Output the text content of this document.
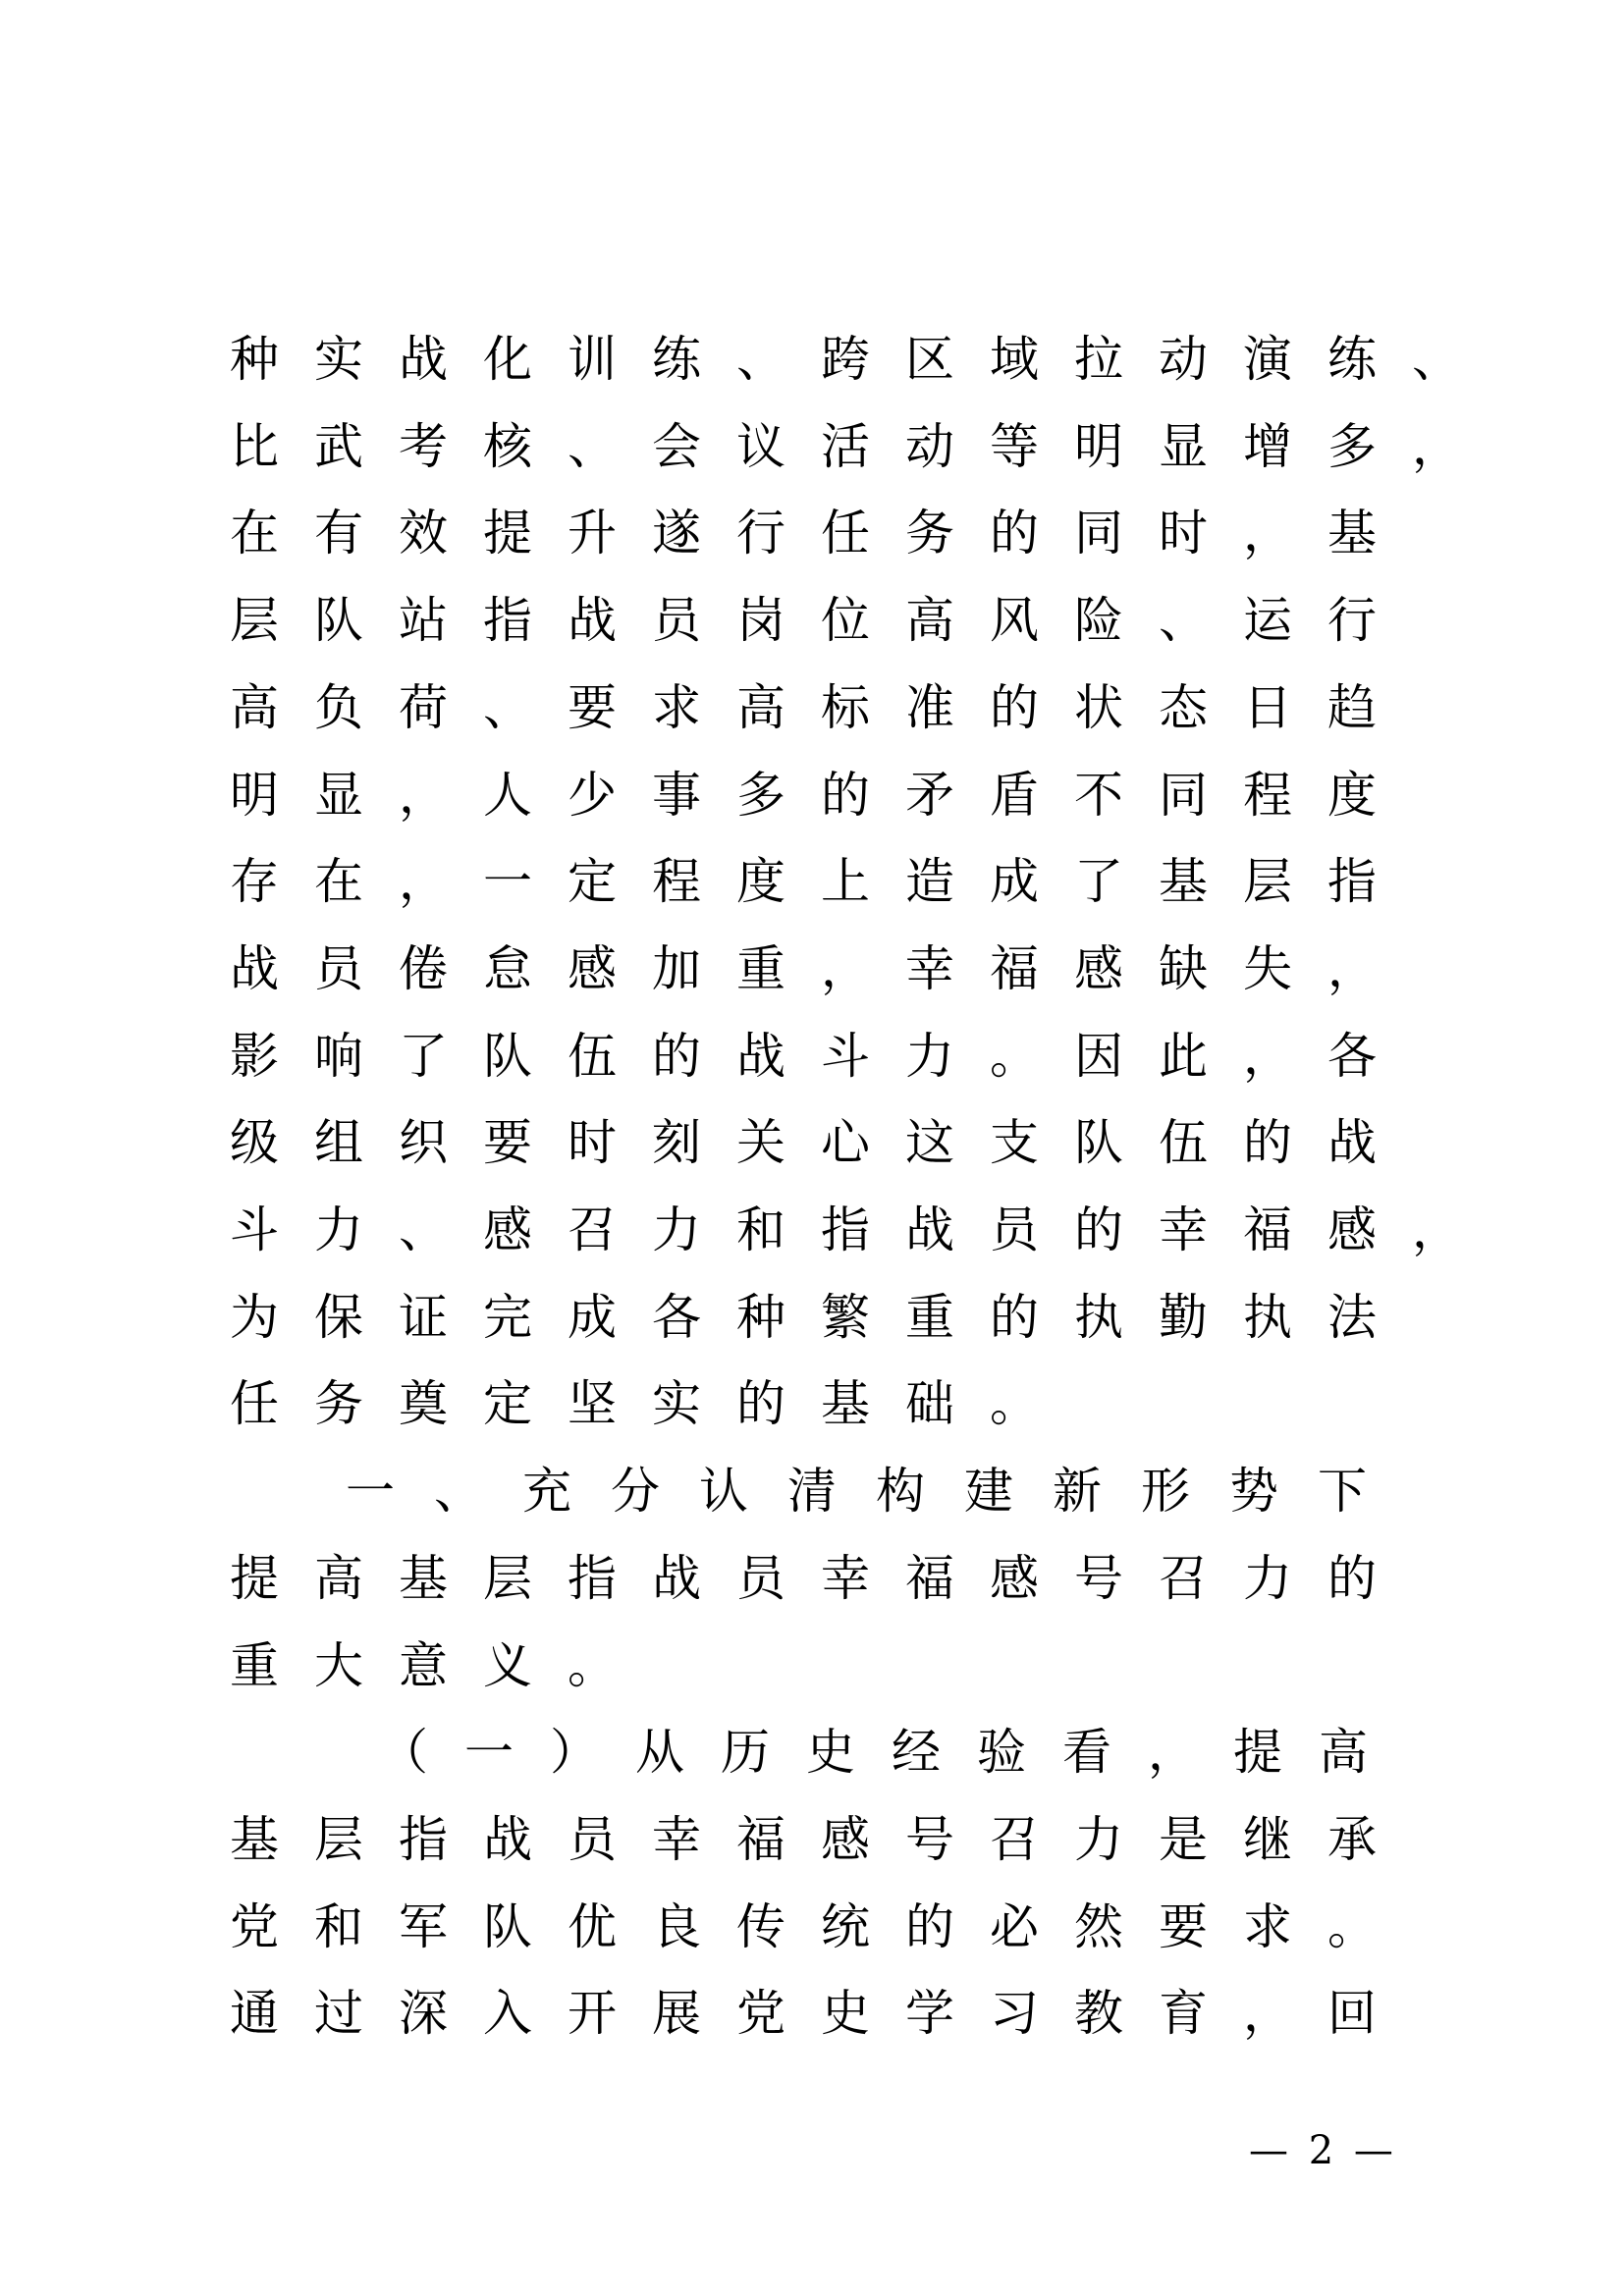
种实战化训练、跨区域拉动演练、
比武考核、会议活动等明显增多，
在有效提升遂行任务的同时，基
层队站指战员岗位高风险、运行
高负荷、要求高标准的状态日趋
明显，人少事多的矛盾不同程度
存在，一定程度上造成了基层指
战员倦怠感加重，幸福感缺失，
影响了队伍的战斗力。因此，各
级组织要时刻关心这支队伍的战
斗力、感召力和指战员的幸福感，
为保证完成各种繁重的执勤执法
任务奠定坚实的基础。
一、充分认清构建新形势下
提高基层指战员幸福感号召力的
重大意义。
（一）从历史经验看，提高
基层指战员幸福感号召力是继承
党和军队优良传统的必然要求。
通过深入开展党史学习教育，回
— 2 —
